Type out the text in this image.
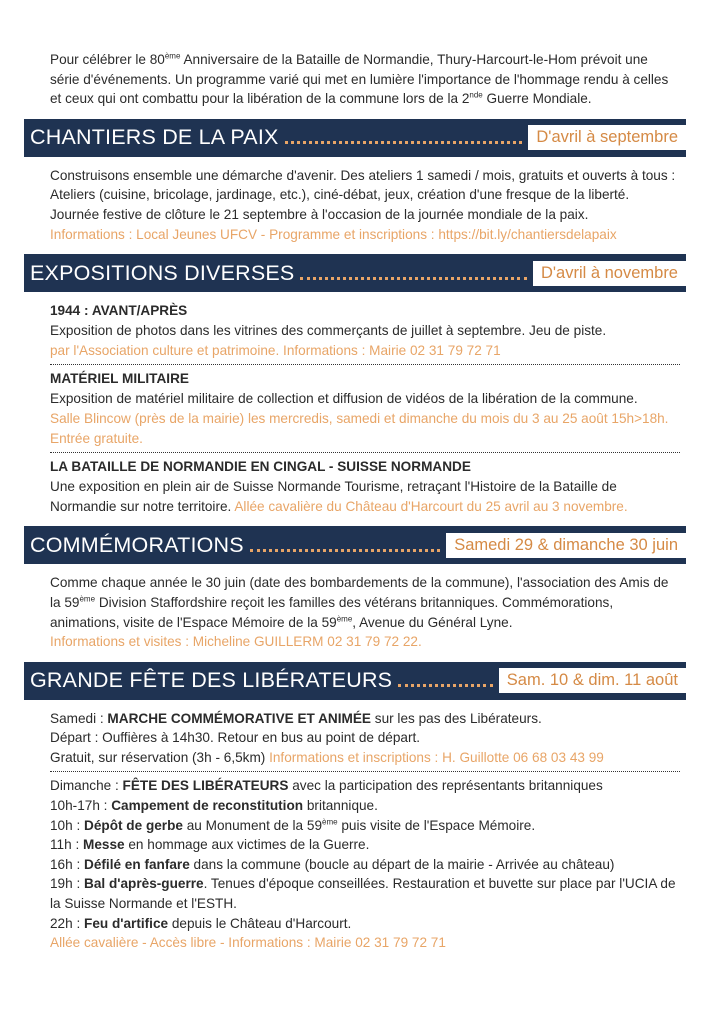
Pour célébrer le 80ème Anniversaire de la Bataille de Normandie, Thury-Harcourt-le-Hom prévoit une série d'événements. Un programme varié qui met en lumière l'importance de l'hommage rendu à celles et ceux qui ont combattu pour la libération de la commune lors de la 2nde Guerre Mondiale.

CHANTIERS DE LA PAIX	D'avril à septembre

Construisons ensemble une démarche d'avenir. Des ateliers 1 samedi / mois, gratuits et ouverts à tous : Ateliers (cuisine, bricolage, jardinage, etc.), ciné-débat, jeux, création d'une fresque de la liberté. Journée festive de clôture le 21 septembre à l'occasion de la journée mondiale de la paix.

Informations : Local Jeunes UFCV - Programme et inscriptions : https://bit.ly/chantiersdelapaix

EXPOSITIONS DIVERSES	D'avril à novembre

1944 : AVANT/APRÈS

Exposition de photos dans les vitrines des commerçants de juillet à septembre. Jeu de piste.

par l'Association culture et patrimoine. Informations : Mairie 02 31 79 72 71

MATÉRIEL MILITAIRE

Exposition de matériel militaire de collection et diffusion de vidéos de la libération de la commune.

Salle Blincow (près de la mairie) les mercredis, samedi et dimanche du mois du 3 au 25 août 15h>18h. Entrée gratuite.

LA BATAILLE DE NORMANDIE EN CINGAL - SUISSE NORMANDE

Une exposition en plein air de Suisse Normande Tourisme, retraçant l'Histoire de la Bataille de Normandie sur notre territoire. Allée cavalière du Château d'Harcourt du 25 avril au 3 novembre.

COMMÉMORATIONS	Samedi 29 & dimanche 30 juin

Comme chaque année le 30 juin (date des bombardements de la commune), l'association des Amis de la 59ème Division Staffordshire reçoit les familles des vétérans britanniques. Commémorations, animations, visite de l'Espace Mémoire de la 59ème, Avenue du Général Lyne.

Informations et visites : Micheline GUILLERM 02 31 79 72 22.

GRANDE FÊTE DES LIBÉRATEURS	Sam. 10 & dim. 11 août

Samedi : MARCHE COMMÉMORATIVE ET ANIMÉE sur les pas des Libérateurs.

Départ : Ouffières à 14h30. Retour en bus au point de départ.

Gratuit, sur réservation (3h - 6,5km) Informations et inscriptions : H. Guillotte 06 68 03 43 99

Dimanche : FÊTE DES LIBÉRATEURS avec la participation des représentants britanniques

10h-17h : Campement de reconstitution britannique.

10h : Dépôt de gerbe au Monument de la 59ème puis visite de l'Espace Mémoire.

11h : Messe en hommage aux victimes de la Guerre.

16h : Défilé en fanfare dans la commune (boucle au départ de la mairie - Arrivée au château)

19h : Bal d'après-guerre. Tenues d'époque conseillées. Restauration et buvette sur place par l'UCIA de la Suisse Normande et l'ESTH.

22h : Feu d'artifice depuis le Château d'Harcourt.

Allée cavalière - Accès libre - Informations : Mairie 02 31 79 72 71
